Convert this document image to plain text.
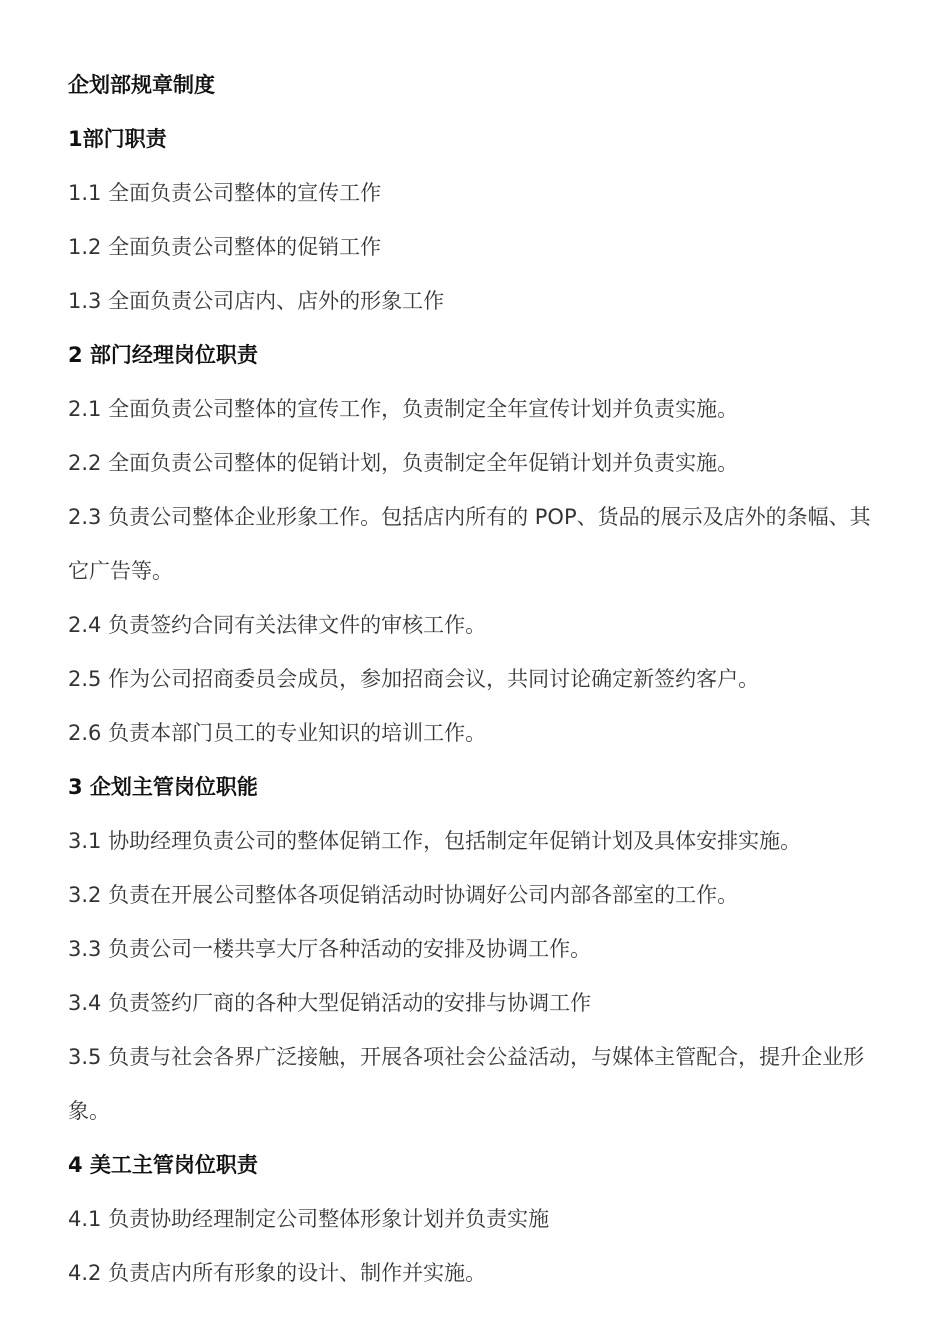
企划部规章制度
1部门职责
1.1 全面负责公司整体的宣传工作
1.2 全面负责公司整体的促销工作
1.3 全面负责公司店内、店外的形象工作
2 部门经理岗位职责
2.1 全面负责公司整体的宣传工作，负责制定全年宣传计划并负责实施。
2.2 全面负责公司整体的促销计划，负责制定全年促销计划并负责实施。
2.3 负责公司整体企业形象工作。包括店内所有的 POP、货品的展示及店外的条幅、其它广告等。
2.4 负责签约合同有关法律文件的审核工作。
2.5 作为公司招商委员会成员，参加招商会议，共同讨论确定新签约客户。
2.6 负责本部门员工的专业知识的培训工作。
3 企划主管岗位职能
3.1 协助经理负责公司的整体促销工作，包括制定年促销计划及具体安排实施。
3.2 负责在开展公司整体各项促销活动时协调好公司内部各部室的工作。
3.3 负责公司一楼共享大厅各种活动的安排及协调工作。
3.4 负责签约厂商的各种大型促销活动的安排与协调工作
3.5 负责与社会各界广泛接触，开展各项社会公益活动，与媒体主管配合，提升企业形象。
4 美工主管岗位职责
4.1 负责协助经理制定公司整体形象计划并负责实施
4.2 负责店内所有形象的设计、制作并实施。
